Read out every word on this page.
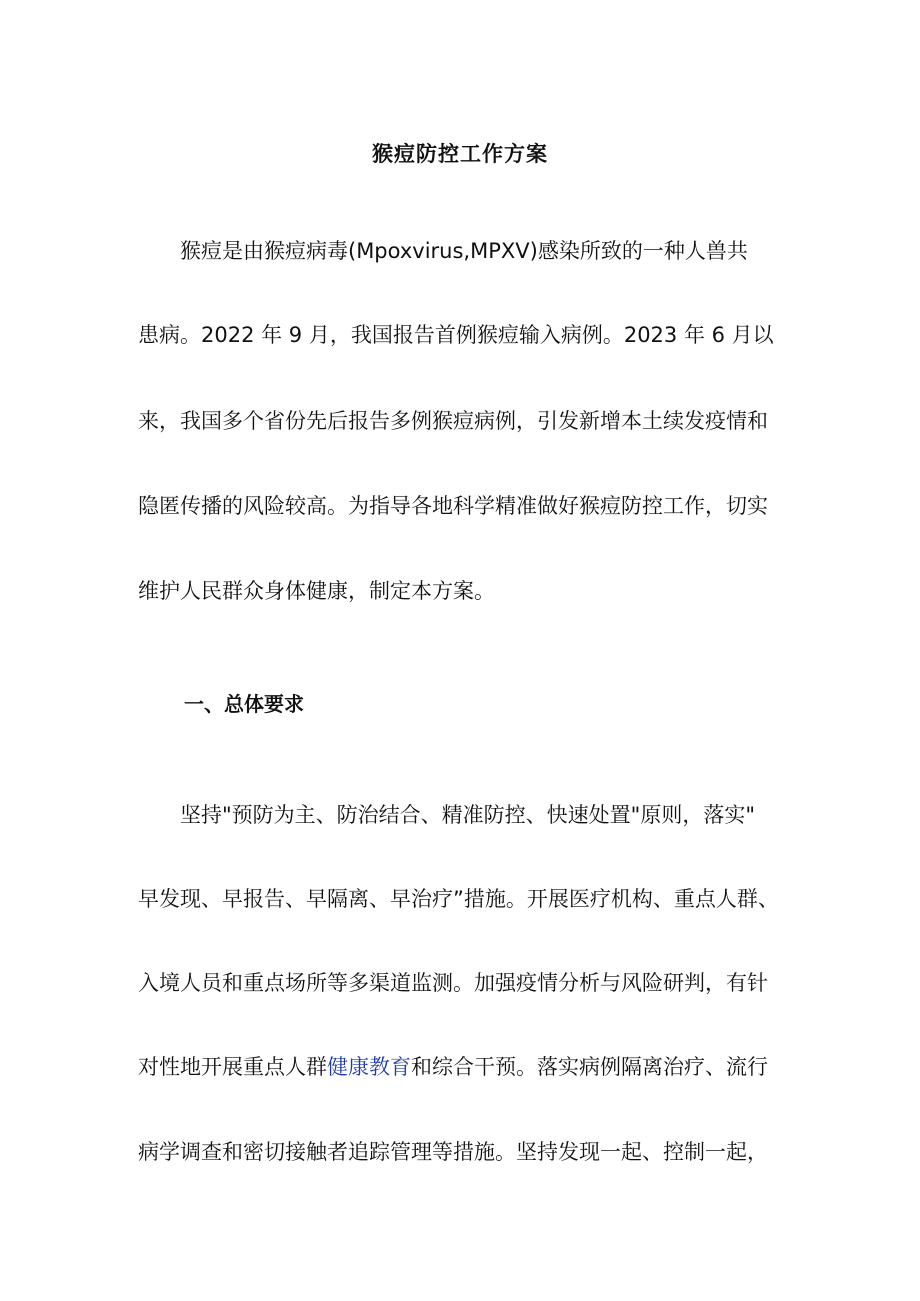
猴痘防控工作方案
猴痘是由猴痘病毒(Mpoxvirus,MPXV)感染所致的一种人兽共
患病。2022 年 9 月，我国报告首例猴痘输入病例。2023 年 6 月以
来，我国多个省份先后报告多例猴痘病例，引发新增本土续发疫情和
隐匿传播的风险较高。为指导各地科学精准做好猴痘防控工作，切实
维护人民群众身体健康，制定本方案。
一、总体要求
坚持"预防为主、防治结合、精准防控、快速处置"原则，落实"
早发现、早报告、早隔离、早治疗”措施。开展医疗机构、重点人群、
入境人员和重点场所等多渠道监测。加强疫情分析与风险研判，有针
对性地开展重点人群健康教育和综合干预。落实病例隔离治疗、流行
病学调查和密切接触者追踪管理等措施。坚持发现一起、控制一起，
